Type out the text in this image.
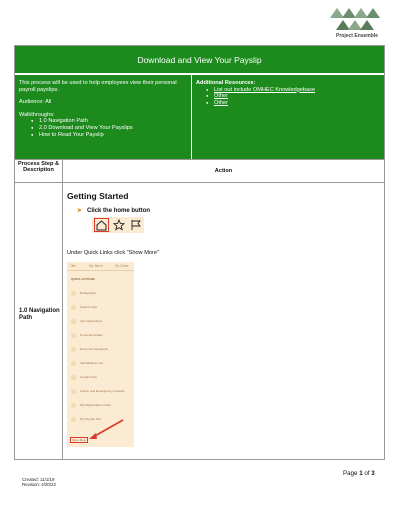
Project Ensemble
Download and View Your Payslip

This process will be used to help employees view their personal payroll payslips.

Audience: All

Walkthroughs:
● 1.0 Navigation Path
● 2.0 Download and View Your Payslips
● How to Read Your Payslip
Additional Resources:
● List out include OMHEC Knowledgebase
● Other
● Other
Process Step & Description	Action
1.0 Navigation Path
Getting Started
➤ Click the home button
Under Quick Links click "Show More"
Title	My Talent	My Client
QUICK ACTIONS
Resignation
Search Jobs
Job Applications
Personal Details
Document Requests
Identification Info
Contact Info
Family and Emergency Contacts
My Organization Chart
My Payslip Info
Show More
Page 1 of 3
Created: 11/1/19
Revision: 4/20/22
